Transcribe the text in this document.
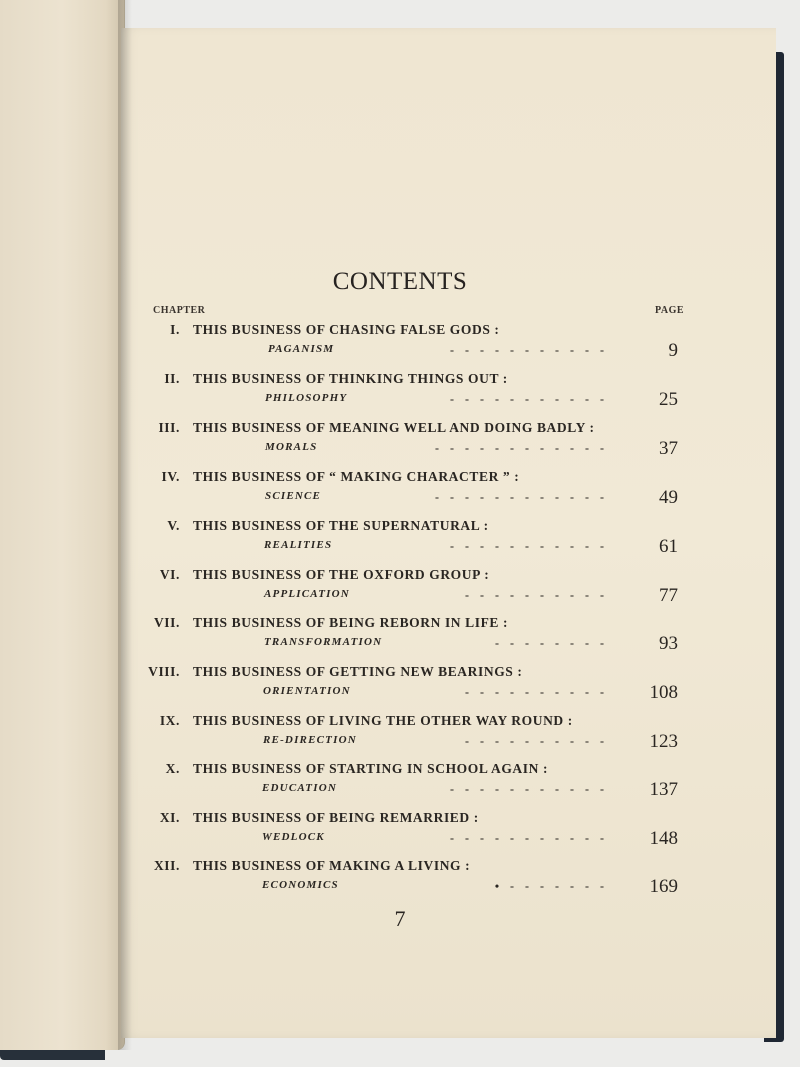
CONTENTS
CHAPTER	PAGE
I. THIS BUSINESS OF CHASING FALSE GODS :
PAGANISM	- - - - - - - - - - -	9
II. THIS BUSINESS OF THINKING THINGS OUT :
PHILOSOPHY	- - - - - - - - - - -	25
III. THIS BUSINESS OF MEANING WELL AND DOING BADLY :
MORALS	- - - - - - - - - - - -	37
IV. THIS BUSINESS OF “ MAKING CHARACTER ” :
SCIENCE	- - - - - - - - - - - -	49
V. THIS BUSINESS OF THE SUPERNATURAL :
REALITIES	- - - - - - - - - - -	61
VI. THIS BUSINESS OF THE OXFORD GROUP :
APPLICATION	- - - - - - - - - -	77
VII. THIS BUSINESS OF BEING REBORN IN LIFE :
TRANSFORMATION	- - - - - - - -	93
VIII. THIS BUSINESS OF GETTING NEW BEARINGS :
ORIENTATION	- - - - - - - - - - 108
IX. THIS BUSINESS OF LIVING THE OTHER WAY ROUND :
RE-DIRECTION	- - - - - - - - - - 123
X. THIS BUSINESS OF STARTING IN SCHOOL AGAIN :
EDUCATION	- - - - - - - - - - - 137
XI. THIS BUSINESS OF BEING REMARRIED :
WEDLOCK	- - - - - - - - - - - 148
XII. THIS BUSINESS OF MAKING A LIVING :
ECONOMICS	• - - - - - - - 169
7
